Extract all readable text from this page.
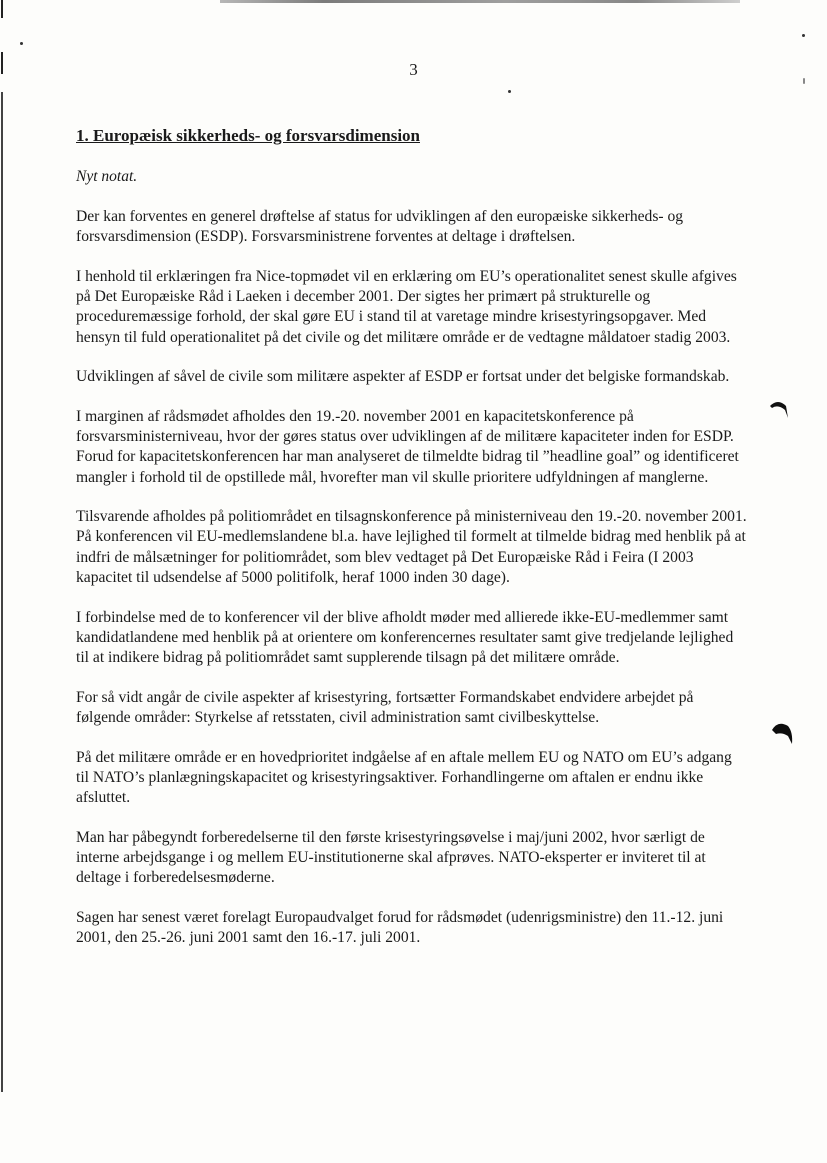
3

1. Europæisk sikkerheds- og forsvarsdimension

Nyt notat.

Der kan forventes en generel drøftelse af status for udviklingen af den europæiske sikkerheds- og forsvarsdimension (ESDP). Forsvarsministrene forventes at deltage i drøftelsen.

I henhold til erklæringen fra Nice-topmødet vil en erklæring om EU’s operationalitet senest skulle afgives på Det Europæiske Råd i Laeken i december 2001. Der sigtes her primært på strukturelle og proceduremæssige forhold, der skal gøre EU i stand til at varetage mindre krisestyringsopgaver. Med hensyn til fuld operationalitet på det civile og det militære område er de vedtagne måldatoer stadig 2003.

Udviklingen af såvel de civile som militære aspekter af ESDP er fortsat under det belgiske formandskab.

I marginen af rådsmødet afholdes den 19.-20. november 2001 en kapacitetskonference på forsvarsministerniveau, hvor der gøres status over udviklingen af de militære kapaciteter inden for ESDP. Forud for kapacitetskonferencen har man analyseret de tilmeldte bidrag til ”headline goal” og identificeret mangler i forhold til de opstillede mål, hvorefter man vil skulle prioritere udfyldningen af manglerne.

Tilsvarende afholdes på politiområdet en tilsagnskonference på ministerniveau den 19.-20. november 2001. På konferencen vil EU-medlemslandene bl.a. have lejlighed til formelt at tilmelde bidrag med henblik på at indfri de målsætninger for politiområdet, som blev vedtaget på Det Europæiske Råd i Feira (I 2003 kapacitet til udsendelse af 5000 politifolk, heraf 1000 inden 30 dage).

I forbindelse med de to konferencer vil der blive afholdt møder med allierede ikke-EU-medlemmer samt kandidatlandene med henblik på at orientere om konferencernes resultater samt give tredjelande lejlighed til at indikere bidrag på politiområdet samt supplerende tilsagn på det militære område.

For så vidt angår de civile aspekter af krisestyring, fortsætter Formandskabet endvidere arbejdet på følgende områder: Styrkelse af retsstaten, civil administration samt civilbeskyttelse.

På det militære område er en hovedprioritet indgåelse af en aftale mellem EU og NATO om EU’s adgang til NATO’s planlægningskapacitet og krisestyringsaktiver. Forhandlingerne om aftalen er endnu ikke afsluttet.

Man har påbegyndt forberedelserne til den første krisestyringsøvelse i maj/juni 2002, hvor særligt de interne arbejdsgange i og mellem EU-institutionerne skal afprøves. NATO-eksperter er inviteret til at deltage i forberedelsesmøderne.

Sagen har senest været forelagt Europaudvalget forud for rådsmødet (udenrigsministre) den 11.-12. juni 2001, den 25.-26. juni 2001 samt den 16.-17. juli 2001.
